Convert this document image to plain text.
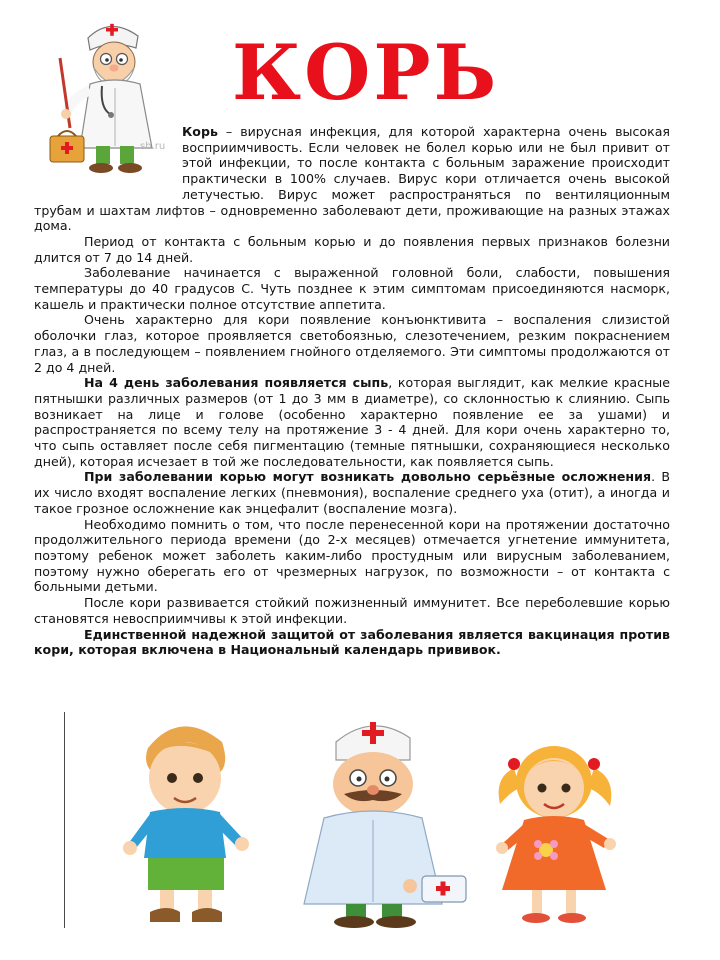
sh.ru
КОРЬ

Корь – вирусная инфекция, для которой характерна очень высокая восприимчивость. Если человек не болел корью или не был привит от этой инфекции, то после контакта с больным заражение происходит практически в 100% случаев. Вирус кори отличается очень высокой летучестью. Вирус может распространяться по вентиляционным трубам и шахтам лифтов – одновременно заболевают дети, проживающие на разных этажах дома.

Период от контакта с больным корью и до появления первых признаков болезни длится от 7 до 14 дней.

Заболевание начинается с выраженной головной боли, слабости, повышения температуры до 40 градусов С. Чуть позднее к этим симптомам присоединяются насморк, кашель и практически полное отсутствие аппетита.

Очень характерно для кори появление конъюнктивита – воспаления слизистой оболочки глаз, которое проявляется светобоязнью, слезотечением, резким покраснением глаз, а в последующем – появлением гнойного отделяемого. Эти симптомы продолжаются от 2 до 4 дней.

На 4 день заболевания появляется сыпь, которая выглядит, как мелкие красные пятнышки различных размеров (от 1 до 3 мм в диаметре), со склонностью к слиянию. Сыпь возникает на лице и голове (особенно характерно появление ее за ушами) и распространяется по всему телу на протяжение 3 - 4 дней. Для кори очень характерно то, что сыпь оставляет после себя пигментацию (темные пятнышки, сохраняющиеся несколько дней), которая исчезает в той же последовательности, как появляется сыпь.

При заболевании корью могут возникать довольно серьёзные осложнения. В их число входят воспаление легких (пневмония), воспаление среднего уха (отит), а иногда и такое грозное осложнение как энцефалит (воспаление мозга).

Необходимо помнить о том, что после перенесенной кори на протяжении достаточно продолжительного периода времени (до 2-х месяцев) отмечается угнетение иммунитета, поэтому ребенок может заболеть каким-либо простудным или вирусным заболеванием, поэтому нужно оберегать его от чрезмерных нагрузок, по возможности – от контакта с больными детьми.

После кори развивается стойкий пожизненный иммунитет. Все переболевшие корью становятся невосприимчивы к этой инфекции.

Единственной надежной защитой от заболевания является вакцинация против кори, которая включена в Национальный календарь прививок.
